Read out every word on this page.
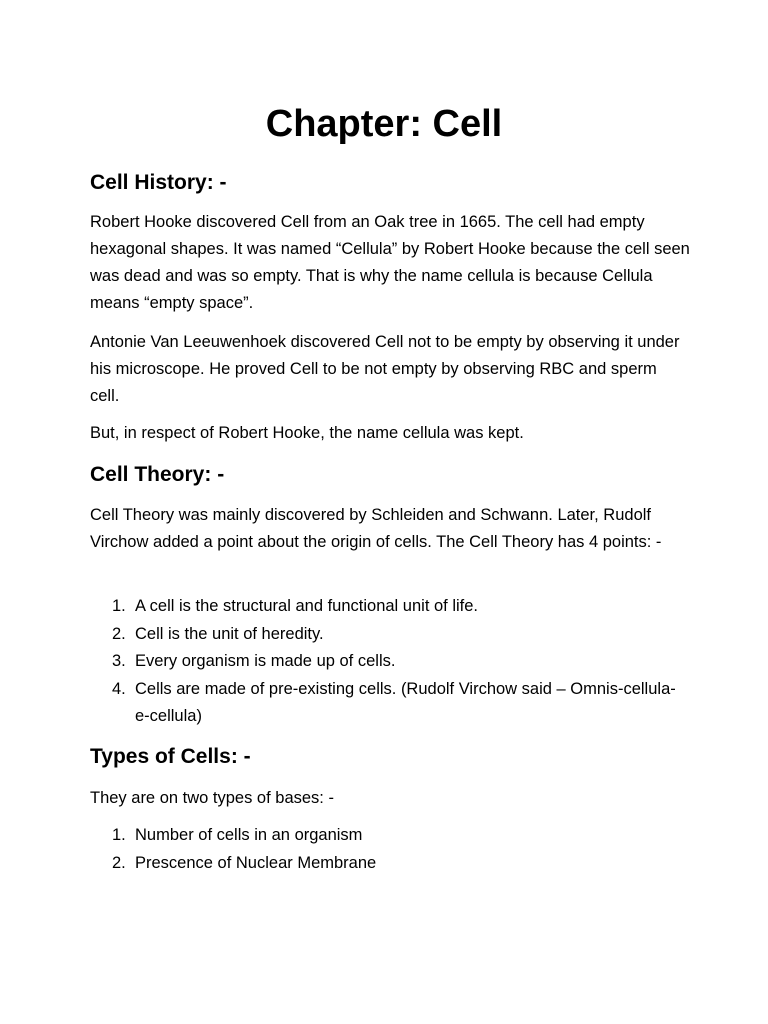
Chapter: Cell
Cell History: -

Robert Hooke discovered Cell from an Oak tree in 1665. The cell had empty hexagonal shapes. It was named “Cellula” by Robert Hooke because the cell seen was dead and was so empty. That is why the name cellula is because Cellula means “empty space”.

Antonie Van Leeuwenhoek discovered Cell not to be empty by observing it under his microscope. He proved Cell to be not empty by observing RBC and sperm cell.

But, in respect of Robert Hooke, the name cellula was kept.

Cell Theory: -

Cell Theory was mainly discovered by Schleiden and Schwann. Later, Rudolf Virchow added a point about the origin of cells. The Cell Theory has 4 points: -

1. A cell is the structural and functional unit of life.
2. Cell is the unit of heredity.
3. Every organism is made up of cells.
4. Cells are made of pre-existing cells. (Rudolf Virchow said – Omnis-cellula-e-cellula)
Types of Cells: -

They are on two types of bases: -

1. Number of cells in an organism
2. Prescence of Nuclear Membrane
